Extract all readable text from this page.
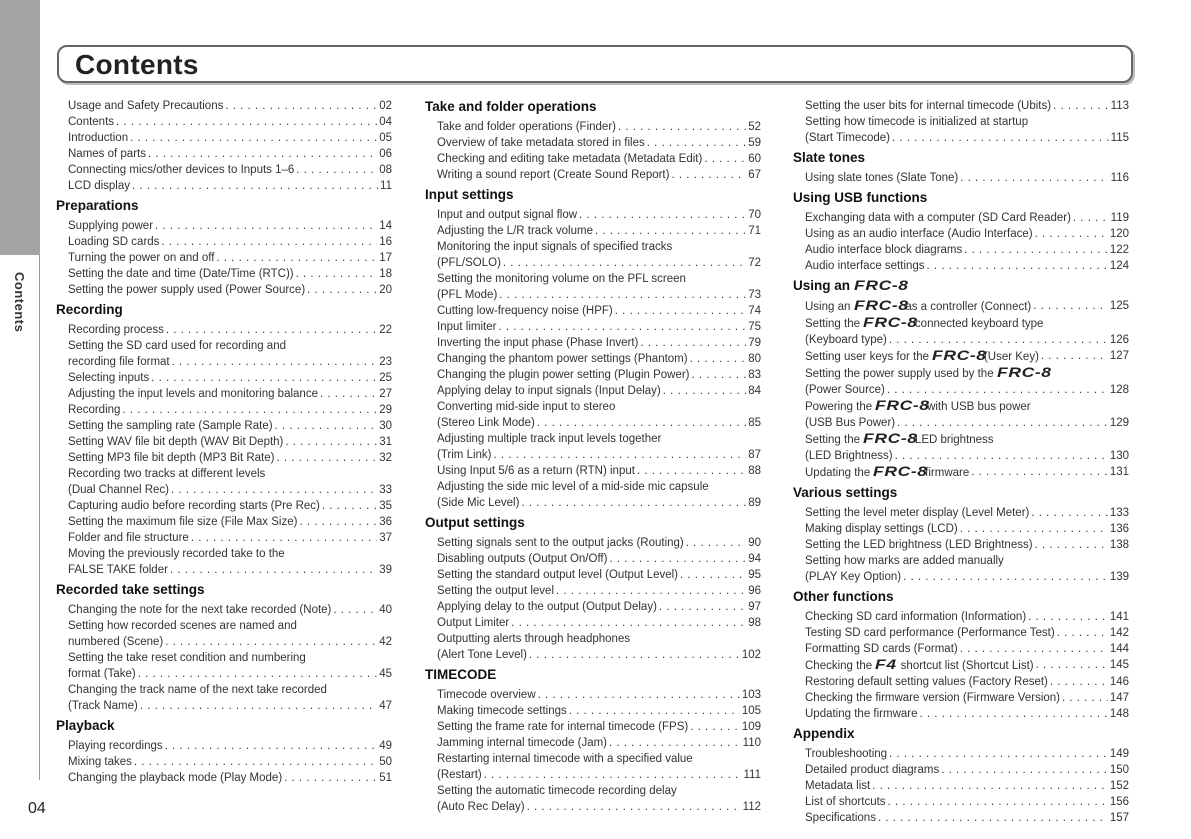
Contents
04
Contents
Usage and Safety Precautions . . .	02
Contents . . .	04
Introduction . . .	05
Names of parts . . .	06
Connecting mics/other devices to Inputs 1–6 . . .	08
LCD display . . .	11
Preparations
Supplying power . . .	14
Loading SD cards . . .	16
Turning the power on and off . . .	17
Setting the date and time (Date/Time (RTC)) . . .	18
Setting the power supply used (Power Source) . . .	20
Recording
Recording process . . .	22
Setting the SD card used for recording and
recording file format . . .	23
Selecting inputs . . .	25
Adjusting the input levels and monitoring balance . . .	27
Recording . . .	29
Setting the sampling rate (Sample Rate) . . .	30
Setting WAV file bit depth (WAV Bit Depth) . . .	31
Setting MP3 file bit depth (MP3 Bit Rate) . . .	32
Recording two tracks at different levels
(Dual Channel Rec) . . .	33
Capturing audio before recording starts (Pre Rec) . . .	35
Setting the maximum file size (File Max Size) . . .	36
Folder and file structure . . .	37
Moving the previously recorded take to the
FALSE TAKE folder . . .	39
Recorded take settings
Changing the note for the next take recorded (Note) . . .	40
Setting how recorded scenes are named and
numbered (Scene) . . .	42
Setting the take reset condition and numbering
format (Take) . . .	45
Changing the track name of the next take recorded
(Track Name) . . .	47
Playback
Playing recordings . . .	49
Mixing takes . . .	50
Changing the playback mode (Play Mode) . . .	51
Take and folder operations
Take and folder operations (Finder) . . .	52
Overview of take metadata stored in files . . .	59
Checking and editing take metadata (Metadata Edit) . . .	60
Writing a sound report (Create Sound Report) . . .	67
Input settings
Input and output signal flow . . .	70
Adjusting the L/R track volume . . .	71
Monitoring the input signals of specified tracks
(PFL/SOLO) . . .	72
Setting the monitoring volume on the PFL screen
(PFL Mode) . . .	73
Cutting low-frequency noise (HPF) . . .	74
Input limiter . . .	75
Inverting the input phase (Phase Invert) . . .	79
Changing the phantom power settings (Phantom) . . .	80
Changing the plugin power setting (Plugin Power) . . .	83
Applying delay to input signals (Input Delay) . . .	84
Converting mid-side input to stereo
(Stereo Link Mode) . . .	85
Adjusting multiple track input levels together
(Trim Link) . . .	87
Using Input 5/6 as a return (RTN) input . . .	88
Adjusting the side mic level of a mid-side mic capsule
(Side Mic Level) . . .	89
Output settings
Setting signals sent to the output jacks (Routing) . . .	90
Disabling outputs (Output On/Off) . . .	94
Setting the standard output level (Output Level) . . .	95
Setting the output level . . .	96
Applying delay to the output (Output Delay) . . .	97
Output Limiter . . .	98
Outputting alerts through headphones
(Alert Tone Level) . . .	102
TIMECODE
Timecode overview . . .	103
Making timecode settings . . .	105
Setting the frame rate for internal timecode (FPS) . . .	109
Jamming internal timecode (Jam) . . .	110
Restarting internal timecode with a specified value
(Restart) . . .	111
Setting the automatic timecode recording delay
(Auto Rec Delay) . . .	112
Setting the user bits for internal timecode (Ubits) . . .	113
Setting how timecode is initialized at startup
(Start Timecode) . . .	115
Slate tones
Using slate tones (Slate Tone) . . .	116
Using USB functions
Exchanging data with a computer (SD Card Reader) . . .	119
Using as an audio interface (Audio Interface) . . .	120
Audio interface block diagrams . . .	122
Audio interface settings . . .	124
Using an FRC-8
Using an FRC-8as a controller (Connect) . . .	125
Setting the FRC-8connected keyboard type
(Keyboard type) . . .	126
Setting user keys for the FRC-8(User Key) . . .	127
Setting the power supply used by the FRC-8
(Power Source) . . .	128
Powering the FRC-8with USB bus power
(USB Bus Power) . . .	129
Setting the FRC-8LED brightness
(LED Brightness) . . .	130
Updating the FRC-8firmware . . .	131
Various settings
Setting the level meter display (Level Meter) . . .	133
Making display settings (LCD) . . .	136
Setting the LED brightness (LED Brightness) . . .	138
Setting how marks are added manually
(PLAY Key Option) . . .	139
Other functions
Checking SD card information (Information) . . .	141
Testing SD card performance (Performance Test) . . .	142
Formatting SD cards (Format) . . .	144
Checking the F4 shortcut list (Shortcut List) . . .	145
Restoring default setting values (Factory Reset) . . .	146
Checking the firmware version (Firmware Version) . . .	147
Updating the firmware . . .	148
Appendix
Troubleshooting . . .	149
Detailed product diagrams . . .	150
Metadata list . . .	152
List of shortcuts . . .	156
Specifications . . .	157
